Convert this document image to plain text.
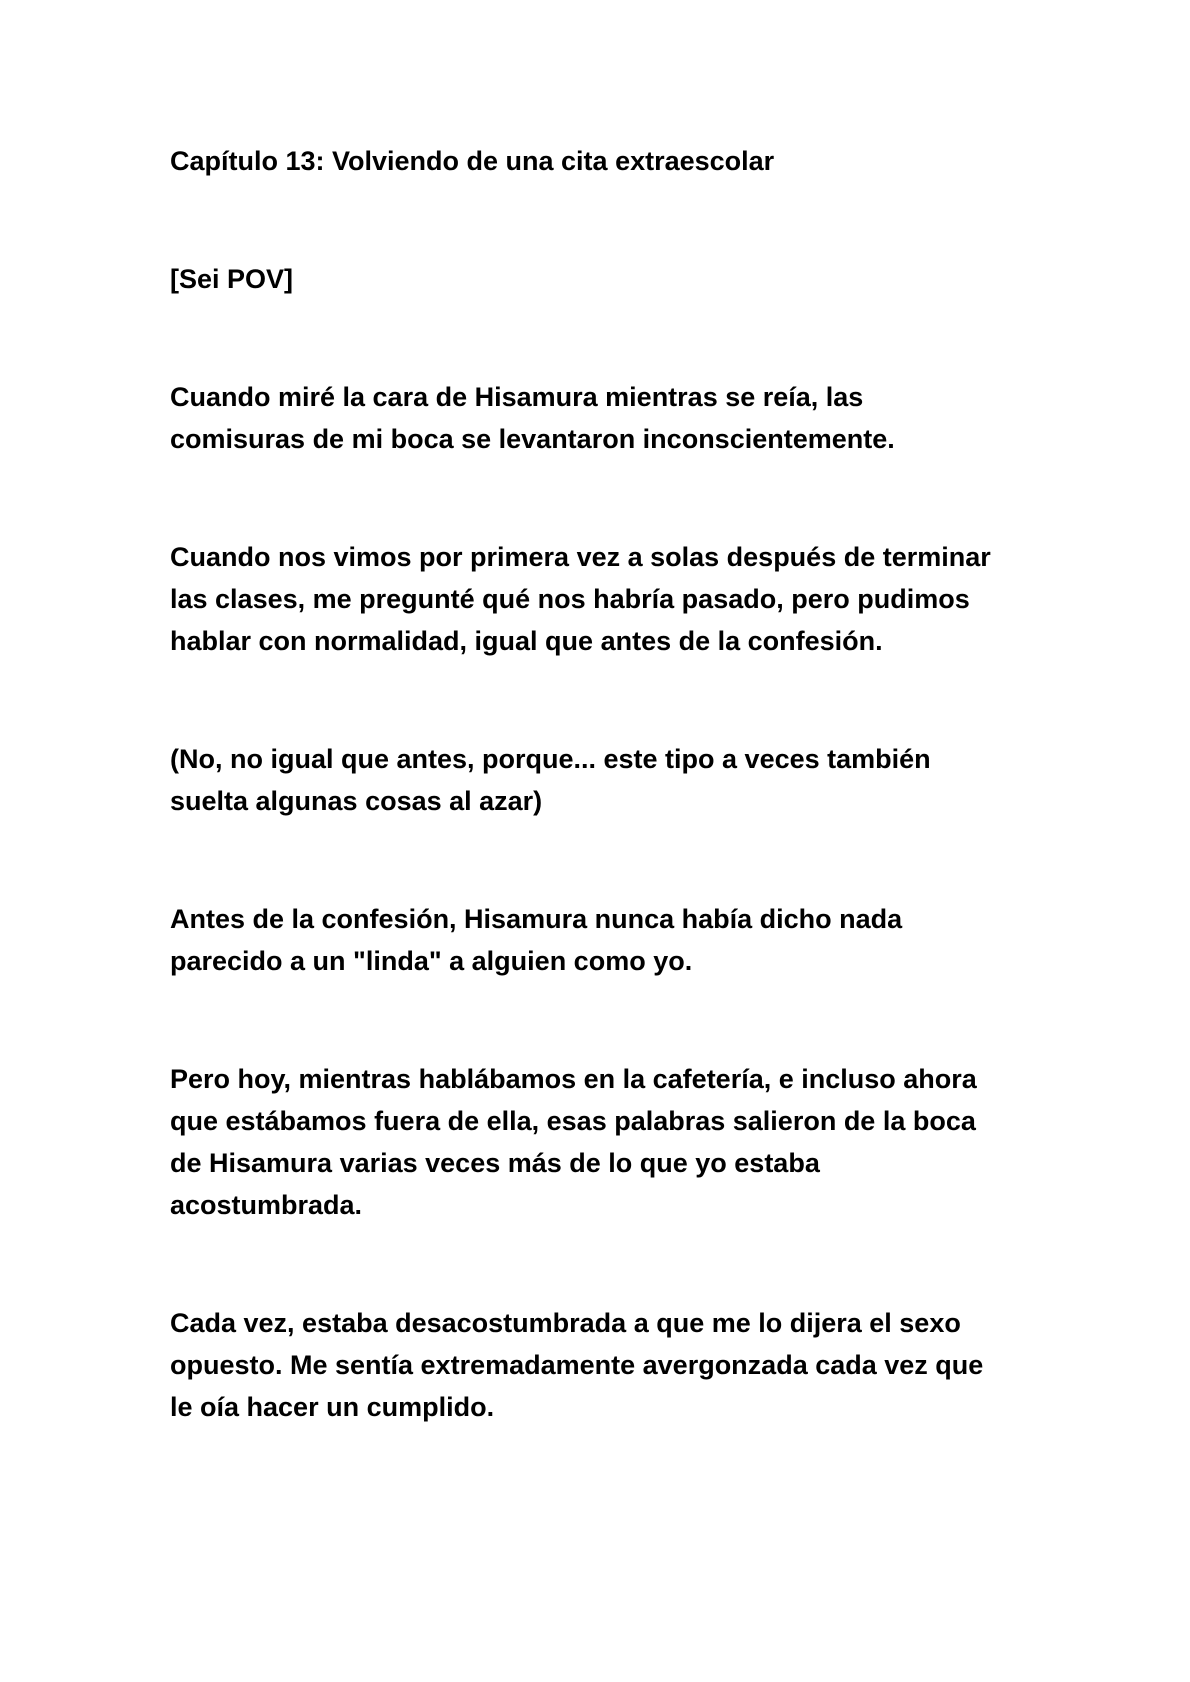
Capítulo 13: Volviendo de una cita extraescolar

[Sei POV]

Cuando miré la cara de Hisamura mientras se reía, las
comisuras de mi boca se levantaron inconscientemente.

Cuando nos vimos por primera vez a solas después de terminar
las clases, me pregunté qué nos habría pasado, pero pudimos
hablar con normalidad, igual que antes de la confesión.

(No, no igual que antes, porque... este tipo a veces también
suelta algunas cosas al azar)

Antes de la confesión, Hisamura nunca había dicho nada
parecido a un "linda" a alguien como yo.

Pero hoy, mientras hablábamos en la cafetería, e incluso ahora
que estábamos fuera de ella, esas palabras salieron de la boca
de Hisamura varias veces más de lo que yo estaba
acostumbrada.

Cada vez, estaba desacostumbrada a que me lo dijera el sexo
opuesto. Me sentía extremadamente avergonzada cada vez que
le oía hacer un cumplido.
